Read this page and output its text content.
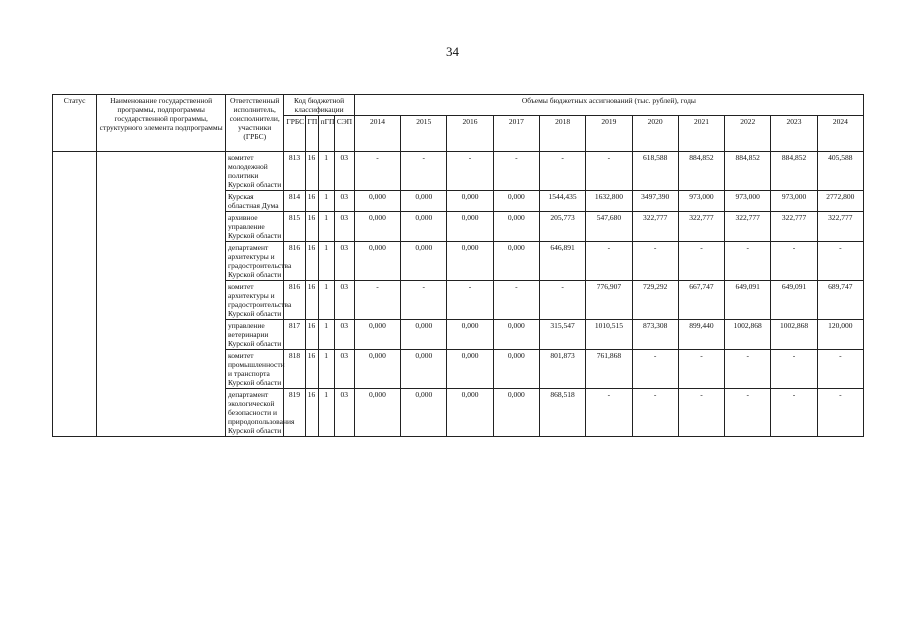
34
Статус	Наименование государственной программы, подпрограммы государственной программы, структурного элемента подпрограммы	Ответственный исполнитель, соисполнители, участники (ГРБС)	Код бюджетной классификации				Объемы бюджетных ассигнований (тыс. рублей), годы										
			ГРБС	ГП	пГП	СЭП	2014	2015	2016	2017	2018	2019	2020	2021	2022	2023	2024
		комитет молодежной политики Курской области	813	16	1	03	-	-	-	-	-	-	618,588	884,852	884,852	884,852	405,588
		Курская областная Дума	814	16	1	03	0,000	0,000	0,000	0,000	1544,435	1632,800	3497,390	973,000	973,000	973,000	2772,800
		архивное управление Курской области	815	16	1	03	0,000	0,000	0,000	0,000	205,773	547,680	322,777	322,777	322,777	322,777	322,777
		департамент архитектуры и градостроительства Курской области	816	16	1	03	0,000	0,000	0,000	0,000	646,891	-	-	-	-	-	-
		комитет архитектуры и градостроительства Курской области	816	16	1	03	-	-	-	-	-	776,907	729,292	667,747	649,091	649,091	689,747
		управление ветеринарии Курской области	817	16	1	03	0,000	0,000	0,000	0,000	315,547	1010,515	873,308	899,440	1002,868	1002,868	120,000
		комитет промышленности и транспорта Курской области	818	16	1	03	0,000	0,000	0,000	0,000	801,873	761,868	-	-	-	-	-
		департамент экологической безопасности и природопользования Курской области	819	16	1	03	0,000	0,000	0,000	0,000	868,518	-	-	-	-	-	-
